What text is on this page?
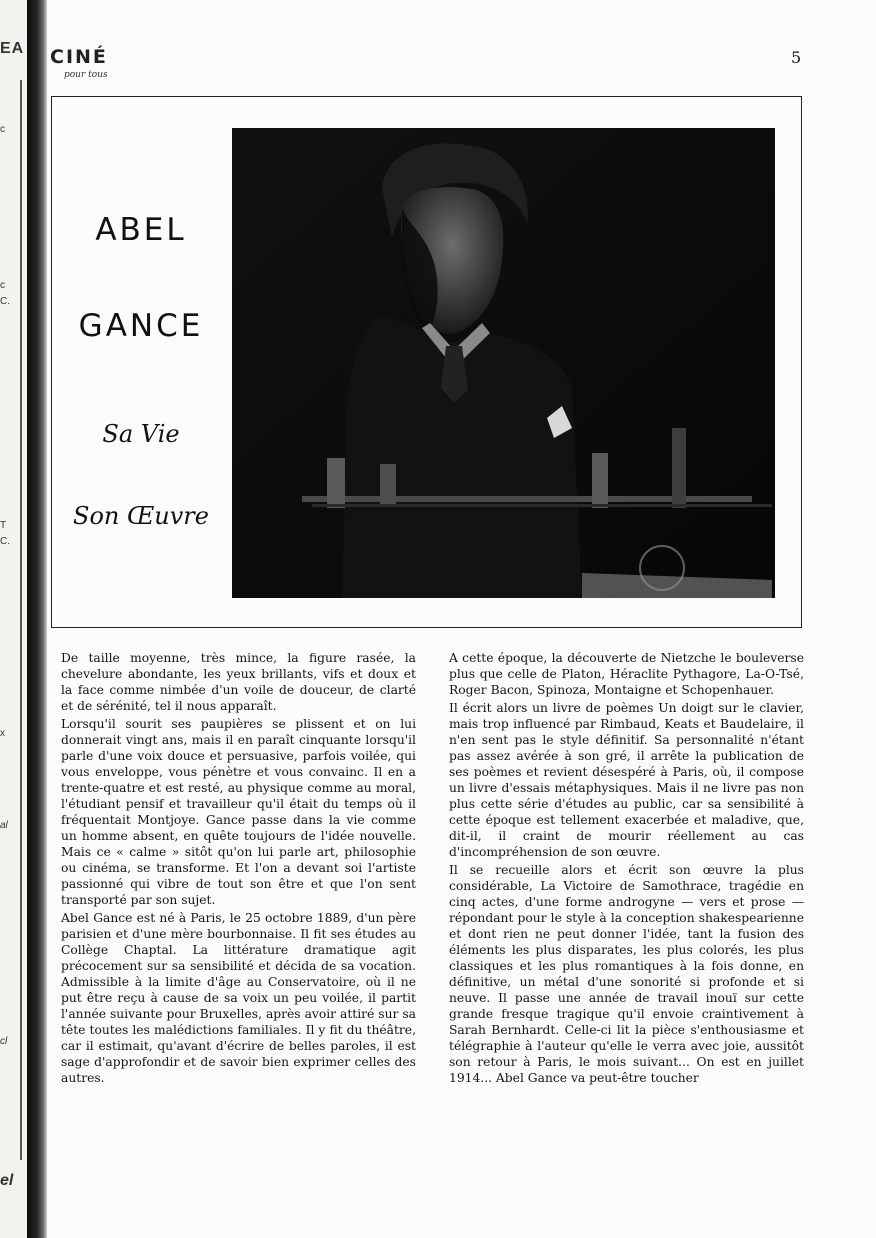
EA
c
c
C.
T
C.
x
al
cl
el
CINÉ
pour tous
5
ABEL
GANCE
Sa Vie
Son Œuvre

De taille moyenne, très mince, la figure rasée, la chevelure abondante, les yeux brillants, vifs et doux et la face comme nimbée d'un voile de douceur, de clarté et de sérénité, tel il nous apparaît.

Lorsqu'il sourit ses paupières se plissent et on lui donnerait vingt ans, mais il en paraît cinquante lorsqu'il parle d'une voix douce et persuasive, parfois voilée, qui vous enveloppe, vous pénètre et vous convainc. Il en a trente-quatre et est resté, au physique comme au moral, l'étudiant pensif et travailleur qu'il était du temps où il fréquentait Montjoye. Gance passe dans la vie comme un homme absent, en quête toujours de l'idée nouvelle. Mais ce « calme » sitôt qu'on lui parle art, philosophie ou cinéma, se transforme. Et l'on a devant soi l'artiste passionné qui vibre de tout son être et que l'on sent transporté par son sujet.

Abel Gance est né à Paris, le 25 octobre 1889, d'un père parisien et d'une mère bourbonnaise. Il fit ses études au Collège Chaptal. La littérature dramatique agit précocement sur sa sensibilité et décida de sa vocation. Admissible à la limite d'âge au Conservatoire, où il ne put être reçu à cause de sa voix un peu voilée, il partit l'année suivante pour Bruxelles, après avoir attiré sur sa tête toutes les malédictions familiales. Il y fit du théâtre, car il estimait, qu'avant d'écrire de belles paroles, il est sage d'approfondir et de savoir bien exprimer celles des autres.

A cette époque, la découverte de Nietzche le bouleverse plus que celle de Platon, Héraclite Pythagore, La-O-Tsé, Roger Bacon, Spinoza, Montaigne et Schopenhauer.

Il écrit alors un livre de poèmes Un doigt sur le clavier, mais trop influencé par Rimbaud, Keats et Baudelaire, il n'en sent pas le style définitif. Sa personnalité n'étant pas assez avérée à son gré, il arrête la publication de ses poèmes et revient désespéré à Paris, où, il compose un livre d'essais métaphysiques. Mais il ne livre pas non plus cette série d'études au public, car sa sensibilité à cette époque est tellement exacerbée et maladive, que, dit-il, il craint de mourir réellement au cas d'incompréhension de son œuvre.

Il se recueille alors et écrit son œuvre la plus considérable, La Victoire de Samothrace, tragédie en cinq actes, d'une forme androgyne — vers et prose — répondant pour le style à la conception shakespearienne et dont rien ne peut donner l'idée, tant la fusion des éléments les plus disparates, les plus colorés, les plus classiques et les plus romantiques à la fois donne, en définitive, un métal d'une sonorité si profonde et si neuve. Il passe une année de travail inouï sur cette grande fresque tragique qu'il envoie craintivement à Sarah Bernhardt. Celle-ci lit la pièce s'enthousiasme et télégraphie à l'auteur qu'elle le verra avec joie, aussitôt son retour à Paris, le mois suivant... On est en juillet 1914... Abel Gance va peut-être toucher
